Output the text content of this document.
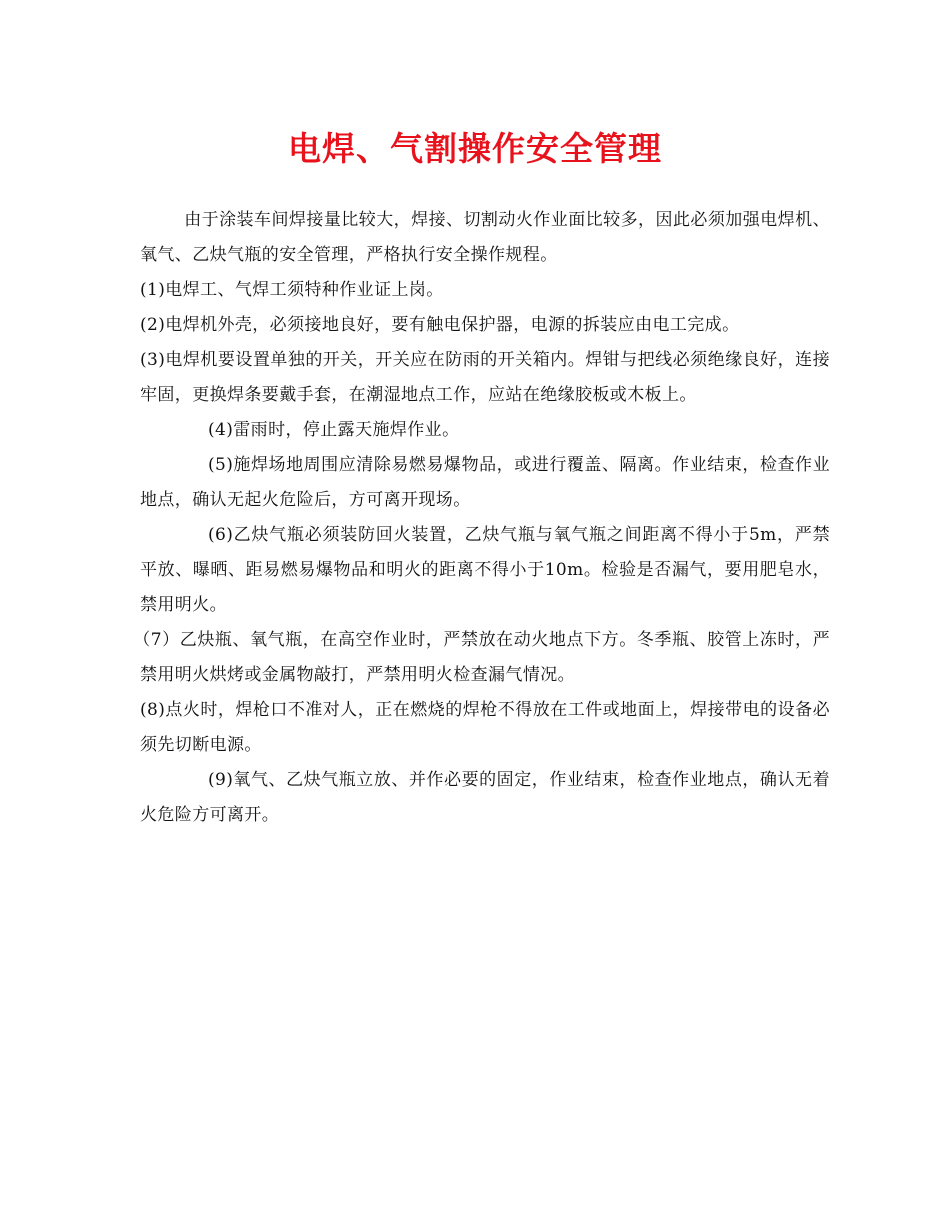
电焊、气割操作安全管理

由于涂装车间焊接量比较大，焊接、切割动火作业面比较多，因此必须加强电焊机、氧气、乙炔气瓶的安全管理，严格执行安全操作规程。

(1)电焊工、气焊工须特种作业证上岗。

(2)电焊机外壳，必须接地良好，要有触电保护器，电源的拆装应由电工完成。

(3)电焊机要设置单独的开关，开关应在防雨的开关箱内。焊钳与把线必须绝缘良好，连接牢固，更换焊条要戴手套，在潮湿地点工作，应站在绝缘胶板或木板上。

(4)雷雨时，停止露天施焊作业。

(5)施焊场地周围应清除易燃易爆物品，或进行覆盖、隔离。作业结束，检查作业地点，确认无起火危险后，方可离开现场。

(6)乙炔气瓶必须装防回火装置，乙炔气瓶与氧气瓶之间距离不得小于5m，严禁平放、曝晒、距易燃易爆物品和明火的距离不得小于10m。检验是否漏气，要用肥皂水，禁用明火。

（7）乙炔瓶、氧气瓶，在高空作业时，严禁放在动火地点下方。冬季瓶、胶管上冻时，严禁用明火烘烤或金属物敲打，严禁用明火检查漏气情况。

(8)点火时，焊枪口不准对人，正在燃烧的焊枪不得放在工件或地面上，焊接带电的设备必须先切断电源。

(9)氧气、乙炔气瓶立放、并作必要的固定，作业结束，检查作业地点，确认无着火危险方可离开。
